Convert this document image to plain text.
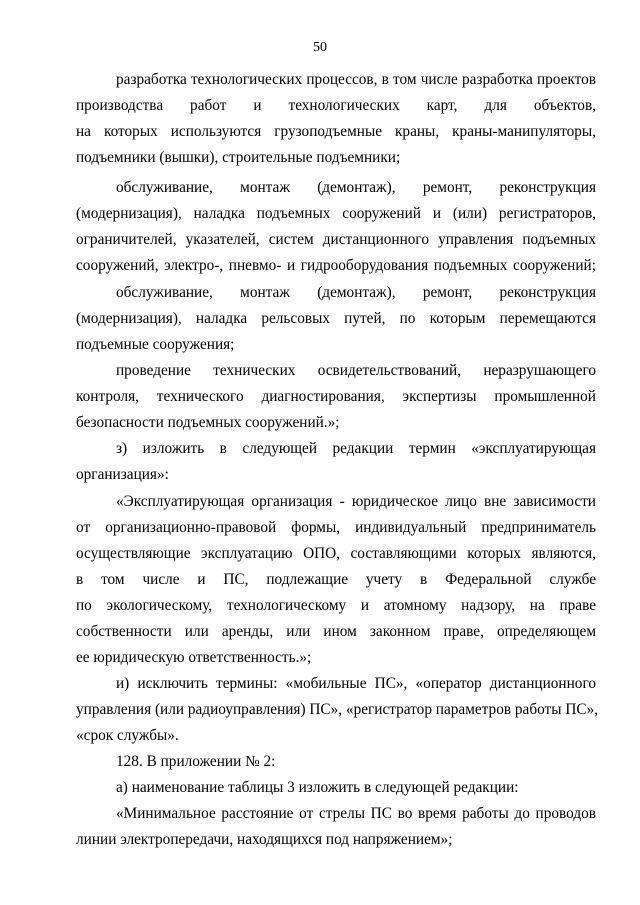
50
разработка технологических процессов, в том числе разработка проектов
производства работ и технологических карт, для объектов,
на которых используются грузоподъемные краны, краны-манипуляторы,
подъемники (вышки), строительные подъемники;
обслуживание, монтаж (демонтаж), ремонт, реконструкция
(модернизация), наладка подъемных сооружений и (или) регистраторов,
ограничителей, указателей, систем дистанционного управления подъемных
сооружений, электро-, пневмо- и гидрооборудования подъемных сооружений;
обслуживание, монтаж (демонтаж), ремонт, реконструкция
(модернизация), наладка рельсовых путей, по которым перемещаются
подъемные сооружения;
проведение технических освидетельствований, неразрушающего
контроля, технического диагностирования, экспертизы промышленной
безопасности подъемных сооружений.»;
з) изложить в следующей редакции термин «эксплуатирующая
организация»:
«Эксплуатирующая организация - юридическое лицо вне зависимости
от организационно-правовой формы, индивидуальный предприниматель
осуществляющие эксплуатацию ОПО, составляющими которых являются,
в том числе и ПС, подлежащие учету в Федеральной службе
по экологическому, технологическому и атомному надзору, на праве
собственности или аренды, или ином законном праве, определяющем
ее юридическую ответственность.»;
и) исключить термины: «мобильные ПС», «оператор дистанционного
управления (или радиоуправления) ПС», «регистратор параметров работы ПС»,
«срок службы».
128. В приложении № 2:
а) наименование таблицы 3 изложить в следующей редакции:
«Минимальное расстояние от стрелы ПС во время работы до проводов
линии электропередачи, находящихся под напряжением»;
